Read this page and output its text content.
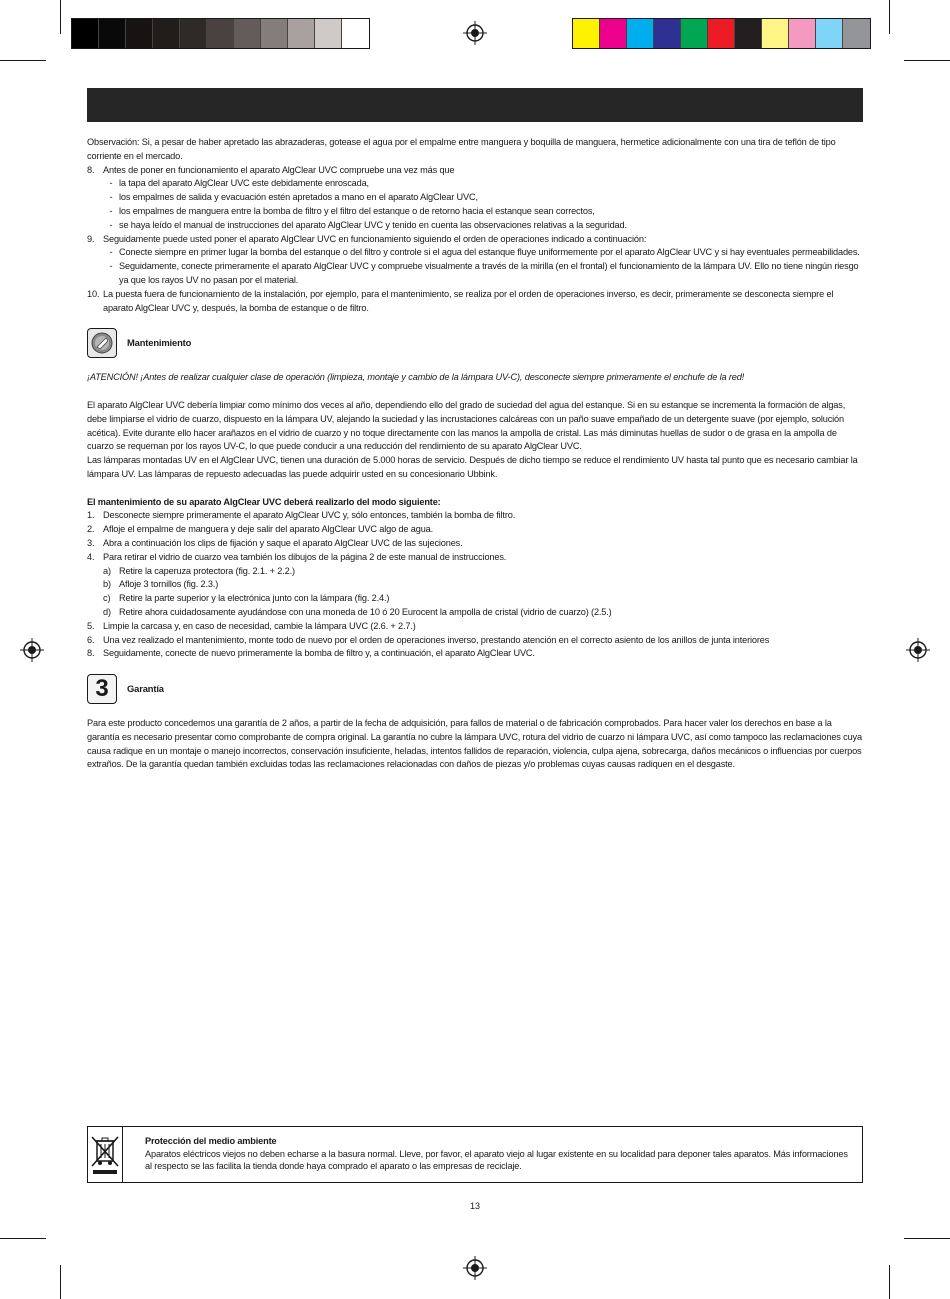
Observación: Si, a pesar de haber apretado las abrazaderas, gotease el agua por el empalme entre manguera y boquilla de manguera, hermetice adicionalmente con una tira de teflón de tipo corriente en el mercado.

8. Antes de poner en funcionamiento el aparato AlgClear UVC compruebe una vez más que
- la tapa del aparato AlgClear UVC este debidamente enroscada,
- los empalmes de salida y evacuación estén apretados a mano en el aparato AlgClear UVC,
- los empalmes de manguera entre la bomba de filtro y el filtro del estanque o de retorno hacia el estanque sean correctos,
- se haya leído el manual de instrucciones del aparato AlgClear UVC y tenido en cuenta las observaciones relativas a la seguridad.
9. Seguidamente puede usted poner el aparato AlgClear UVC en funcionamiento siguiendo el orden de operaciones indicado a continuación:
- Conecte siempre en primer lugar la bomba del estanque o del filtro y controle si el agua del estanque fluye uniformemente por el aparato AlgClear UVC y si hay eventuales permeabilidades.
- Seguidamente, conecte primeramente el aparato AlgClear UVC y compruebe visualmente a través de la mirilla (en el frontal) el funcionamiento de la lámpara UV. Ello no tiene ningún riesgo ya que los rayos UV no pasan por el material.
10. La puesta fuera de funcionamiento de la instalación, por ejemplo, para el mantenimiento, se realiza por el orden de operaciones inverso, es decir, primeramente se desconecta siempre el aparato AlgClear UVC y, después, la bomba de estanque o de filtro.
Mantenimiento

¡ATENCIÓN! ¡Antes de realizar cualquier clase de operación (limpieza, montaje y cambio de la lámpara UV-C), desconecte siempre primeramente el enchufe de la red!

El aparato AlgClear UVC debería limpiar como mínimo dos veces al año, dependiendo ello del grado de suciedad del agua del estanque. Si en su estanque se incrementa la formación de algas, debe limpiarse el vidrio de cuarzo, dispuesto en la lámpara UV, alejando la suciedad y las incrustaciones calcáreas con un paño suave empañado de un detergente suave (por ejemplo, solución acética). Evite durante ello hacer arañazos en el vidrio de cuarzo y no toque directamente con las manos la ampolla de cristal. Las más diminutas huellas de sudor o de grasa en la ampolla de cuarzo se requeman por los rayos UV-C, lo que puede conducir a una reducción del rendimiento de su aparato AlgClear UVC.

Las lámparas montadas UV en el AlgClear UVC, tienen una duración de 5.000 horas de servicio. Después de dicho tiempo se reduce el rendimiento UV hasta tal punto que es necesario cambiar la lámpara UV. Las lámparas de repuesto adecuadas las puede adquirir usted en su concesionario Ubbink.

El mantenimiento de su aparato AlgClear UVC deberá realizarlo del modo siguiente:

1. Desconecte siempre primeramente el aparato AlgClear UVC y, sólo entonces, también la bomba de filtro.
2. Afloje el empalme de manguera y deje salir del aparato AlgClear UVC algo de agua.
3. Abra a continuación los clips de fijación y saque el aparato AlgClear UVC de las sujeciones.
4. Para retirar el vidrio de cuarzo vea también los dibujos de la página 2 de este manual de instrucciones.
a) Retire la caperuza protectora (fig. 2.1. + 2.2.)
b) Afloje 3 tornillos (fig. 2.3.)
c) Retire la parte superior y la electrónica junto con la lámpara (fig. 2.4.)
d) Retire ahora cuidadosamente ayudándose con una moneda de 10 ó 20 Eurocent la ampolla de cristal (vidrio de cuarzo) (2.5.)
5. Limpie la carcasa y, en caso de necesidad, cambie la lámpara UVC (2.6. + 2.7.)
6. Una vez realizado el mantenimiento, monte todo de nuevo por el orden de operaciones inverso, prestando atención en el correcto asiento de los anillos de junta interiores
8. Seguidamente, conecte de nuevo primeramente la bomba de filtro y, a continuación, el aparato AlgClear UVC.
3	Garantía

Para este producto concedemos una garantía de 2 años, a partir de la fecha de adquisición, para fallos de material o de fabricación comprobados. Para hacer valer los derechos en base a la garantía es necesario presentar como comprobante de compra original. La garantía no cubre la lámpara UVC, rotura del vidrio de cuarzo ni lámpara UVC, así como tampoco las reclamaciones cuya causa radique en un montaje o manejo incorrectos, conservación insuficiente, heladas, intentos fallidos de reparación, violencia, culpa ajena, sobrecarga, daños mecánicos o influencias por cuerpos extraños. De la garantía quedan también excluidas todas las reclamaciones relacionadas con daños de piezas y/o problemas cuyas causas radiquen en el desgaste.

Protección del medio ambiente
Aparatos eléctricos viejos no deben echarse a la basura normal. Lleve, por favor, el aparato viejo al lugar existente en su localidad para deponer tales aparatos. Más informaciones al respecto se las facilita la tienda donde haya comprado el aparato o las empresas de reciclaje.
13
